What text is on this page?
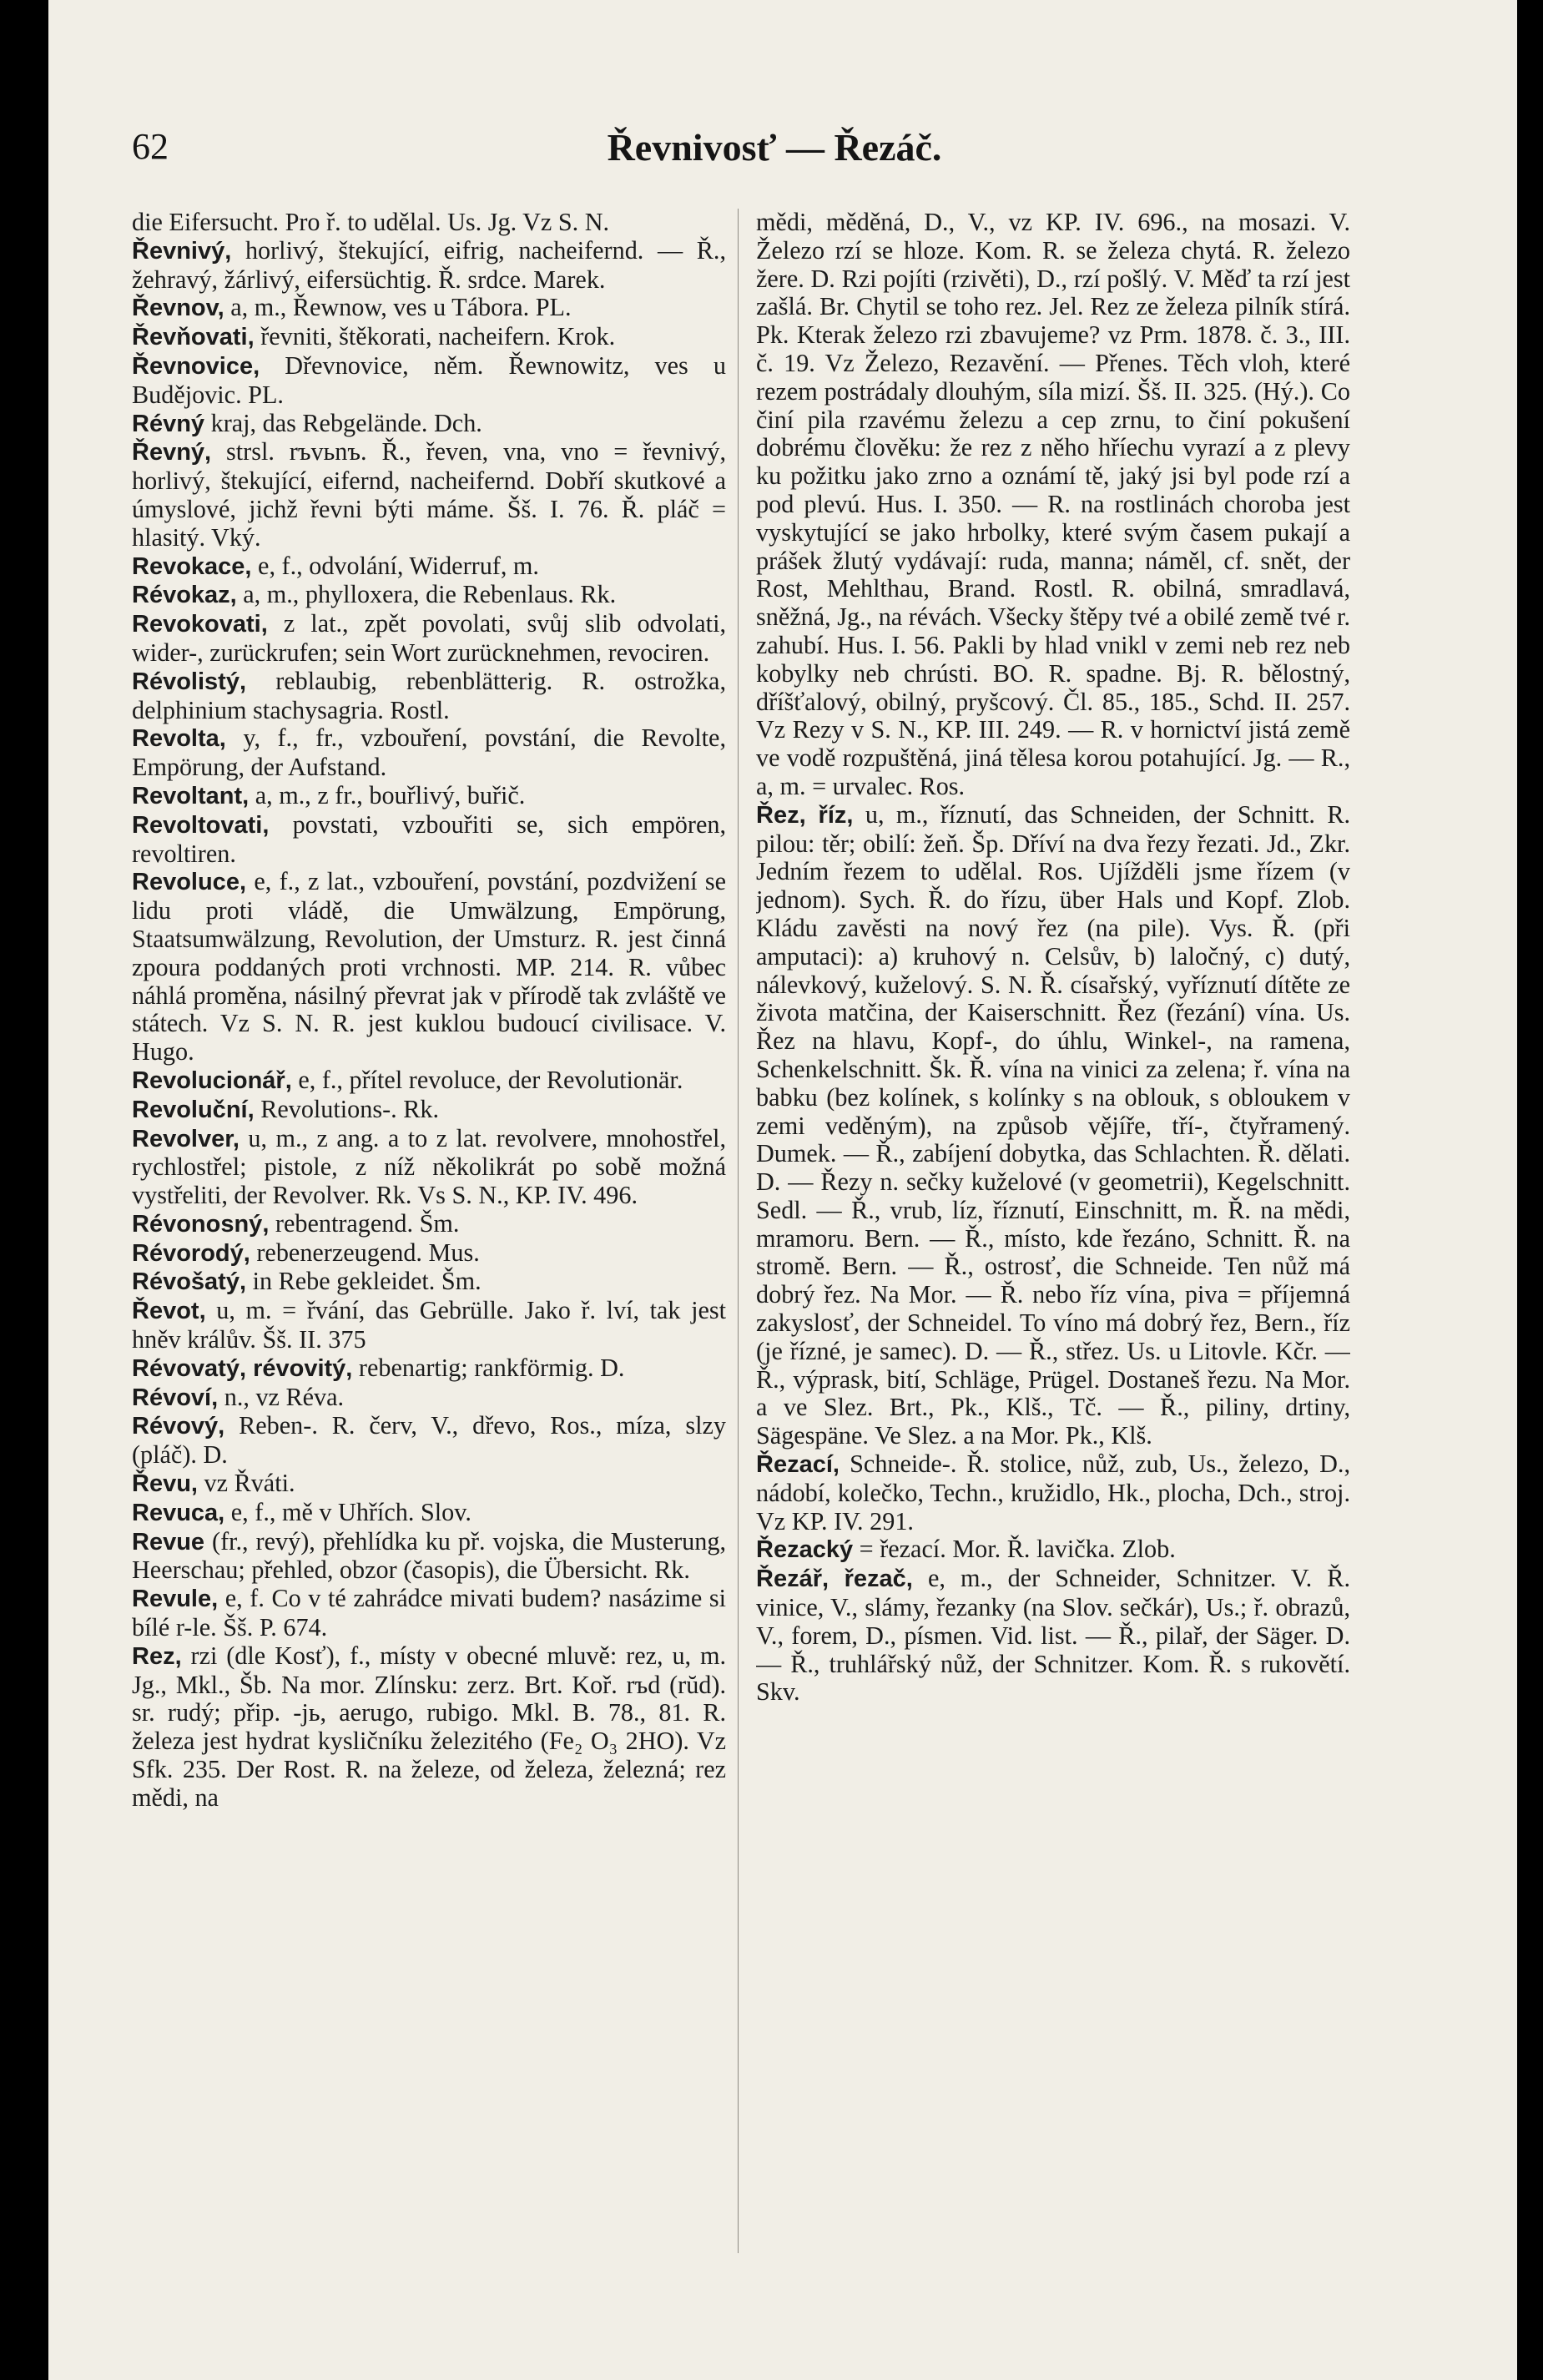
62	Řevnivosť — Řezáč.

die Eifersucht. Pro ř. to udělal. Us. Jg. Vz S. N.

Řevnivý, horlivý, štekující, eifrig, nacheifernd. — Ř., žehravý, žárlivý, eifersüchtig. Ř. srdce. Marek.

Řevnov, a, m., Řewnow, ves u Tábora. PL.

Řevňovati, řevniti, štěkorati, nacheifern. Krok.

Řevnovice, Dřevnovice, něm. Řewnowitz, ves u Budějovic. PL.

Révný kraj, das Rebgelände. Dch.

Řevný, strsl. rъvьnъ. Ř., řeven, vna, vno = řevnivý, horlivý, štekující, eifernd, nacheifernd. Dobří skutkové a úmyslové, jichž řevni býti máme. Šš. I. 76. Ř. pláč = hlasitý. Vký.

Revokace, e, f., odvolání, Widerruf, m.

Révokaz, a, m., phylloxera, die Rebenlaus. Rk.

Revokovati, z lat., zpět povolati, svůj slib odvolati, wider-, zurückrufen; sein Wort zurücknehmen, revociren.

Révolistý, reblaubig, rebenblätterig. R. ostrožka, delphinium stachysagria. Rostl.

Revolta, y, f., fr., vzbouření, povstání, die Revolte, Empörung, der Aufstand.

Revoltant, a, m., z fr., bouřlivý, buřič.

Revoltovati, povstati, vzbouřiti se, sich empören, revoltiren.

Revoluce, e, f., z lat., vzbouření, povstání, pozdvižení se lidu proti vládě, die Umwälzung, Empörung, Staatsumwälzung, Revolution, der Umsturz. R. jest činná zpoura poddaných proti vrchnosti. MP. 214. R. vůbec náhlá proměna, násilný převrat jak v přírodě tak zvláště ve státech. Vz S. N. R. jest kuklou budoucí civilisace. V. Hugo.

Revolucionář, e, f., přítel revoluce, der Revolutionär.

Revoluční, Revolutions-. Rk.

Revolver, u, m., z ang. a to z lat. revolvere, mnohostřel, rychlostřel; pistole, z níž několikrát po sobě možná vystřeliti, der Revolver. Rk. Vs S. N., KP. IV. 496.

Révonosný, rebentragend. Šm.

Révorodý, rebenerzeugend. Mus.

Révošatý, in Rebe gekleidet. Šm.

Řevot, u, m. = řvání, das Gebrülle. Jako ř. lví, tak jest hněv králův. Šš. II. 375

Révovatý, révovitý, rebenartig; rankförmig. D.

Révoví, n., vz Réva.

Révový, Reben-. R. červ, V., dřevo, Ros., míza, slzy (pláč). D.

Řevu, vz Řváti.

Revuca, e, f., mě v Uhřích. Slov.

Revue (fr., revý), přehlídka ku př. vojska, die Musterung, Heerschau; přehled, obzor (časopis), die Übersicht. Rk.

Revule, e, f. Co v té zahrádce mivati budem? nasázime si bílé r-le. Šš. P. 674.

Rez, rzi (dle Kosť), f., místy v obecné mluvě: rez, u, m. Jg., Mkl., Šb. Na mor. Zlínsku: zerz. Brt. Koř. rъd (rŭd). sr. rudý; přip. -jь, aerugo, rubigo. Mkl. B. 78., 81. R. železa jest hydrat kysličníku železitého (Fe₂ O₃ 2HO). Vz Sfk. 235. Der Rost. R. na železe, od železa, železná; rez mědi, na

mědi, měděná, D., V., vz KP. IV. 696., na mosazi. V. Železo rzí se hloze. Kom. R. se železa chytá. R. železo žere. D. Rzi pojíti (rzivěti), D., rzí pošlý. V. Měď ta rzí jest zašlá. Br. Chytil se toho rez. Jel. Rez ze železa pilník stírá. Pk. Kterak železo rzi zbavujeme? vz Prm. 1878. č. 3., III. č. 19. Vz Železo, Rezavění. — Přenes. Těch vloh, které rezem postrádaly dlouhým, síla mizí. Šš. II. 325. (Hý.). Co činí pila rzavému železu a cep zrnu, to činí pokušení dobrému člověku: že rez z něho hříechu vyrazí a z plevy ku požitku jako zrno a oznámí tě, jaký jsi byl pode rzí a pod plevú. Hus. I. 350. — R. na rostlinách choroba jest vyskytující se jako hrbolky, které svým časem pukají a prášek žlutý vydávají: ruda, manna; náměl, cf. snět, der Rost, Mehlthau, Brand. Rostl. R. obilná, smradlavá, sněžná, Jg., na révách. Všecky štěpy tvé a obilé země tvé r. zahubí. Hus. I. 56. Pakli by hlad vnikl v zemi neb rez neb kobylky neb chrústi. BO. R. spadne. Bj. R. bělostný, dříšťalový, obilný, pryšcový. Čl. 85., 185., Schd. II. 257. Vz Rezy v S. N., KP. III. 249. — R. v hornictví jistá země ve vodě rozpuštěná, jiná tělesa korou potahující. Jg. — R., a, m. = urvalec. Ros.

Řez, říz, u, m., říznutí, das Schneiden, der Schnitt. R. pilou: těr; obilí: žeň. Šp. Dříví na dva řezy řezati. Jd., Zkr. Jedním řezem to udělal. Ros. Ujížděli jsme řízem (v jednom). Sych. Ř. do řízu, über Hals und Kopf. Zlob. Kládu zavěsti na nový řez (na pile). Vys. Ř. (při amputaci): a) kruhový n. Celsův, b) laločný, c) dutý, nálevkový, kuželový. S. N. Ř. císařský, vyříznutí dítěte ze života matčina, der Kaiserschnitt. Řez (řezání) vína. Us. Řez na hlavu, Kopf-, do úhlu, Winkel-, na ramena, Schenkelschnitt. Šk. Ř. vína na vinici za zelena; ř. vína na babku (bez kolínek, s kolínky s na oblouk, s obloukem v zemi veděným), na způsob vějíře, tří-, čtyřramený. Dumek. — Ř., zabíjení dobytka, das Schlachten. Ř. dělati. D. — Řezy n. sečky kuželové (v geometrii), Kegelschnitt. Sedl. — Ř., vrub, líz, říznutí, Einschnitt, m. Ř. na mědi, mramoru. Bern. — Ř., místo, kde řezáno, Schnitt. Ř. na stromě. Bern. — Ř., ostrosť, die Schneide. Ten nůž má dobrý řez. Na Mor. — Ř. nebo říz vína, piva = příjemná zakyslosť, der Schneidel. To víno má dobrý řez, Bern., říz (je řízné, je samec). D. — Ř., střez. Us. u Litovle. Kčr. — Ř., výprask, bití, Schläge, Prügel. Dostaneš řezu. Na Mor. a ve Slez. Brt., Pk., Klš., Tč. — Ř., piliny, drtiny, Sägespäne. Ve Slez. a na Mor. Pk., Klš.

Řezací, Schneide-. Ř. stolice, nůž, zub, Us., železo, D., nádobí, kolečko, Techn., kružidlo, Hk., plocha, Dch., stroj. Vz KP. IV. 291.

Řezacký = řezací. Mor. Ř. lavička. Zlob.

Řezář, řezač, e, m., der Schneider, Schnitzer. V. Ř. vinice, V., slámy, řezanky (na Slov. sečkár), Us.; ř. obrazů, V., forem, D., písmen. Vid. list. — Ř., pilař, der Säger. D. — Ř., truhlářský nůž, der Schnitzer. Kom. Ř. s rukovětí. Skv.
